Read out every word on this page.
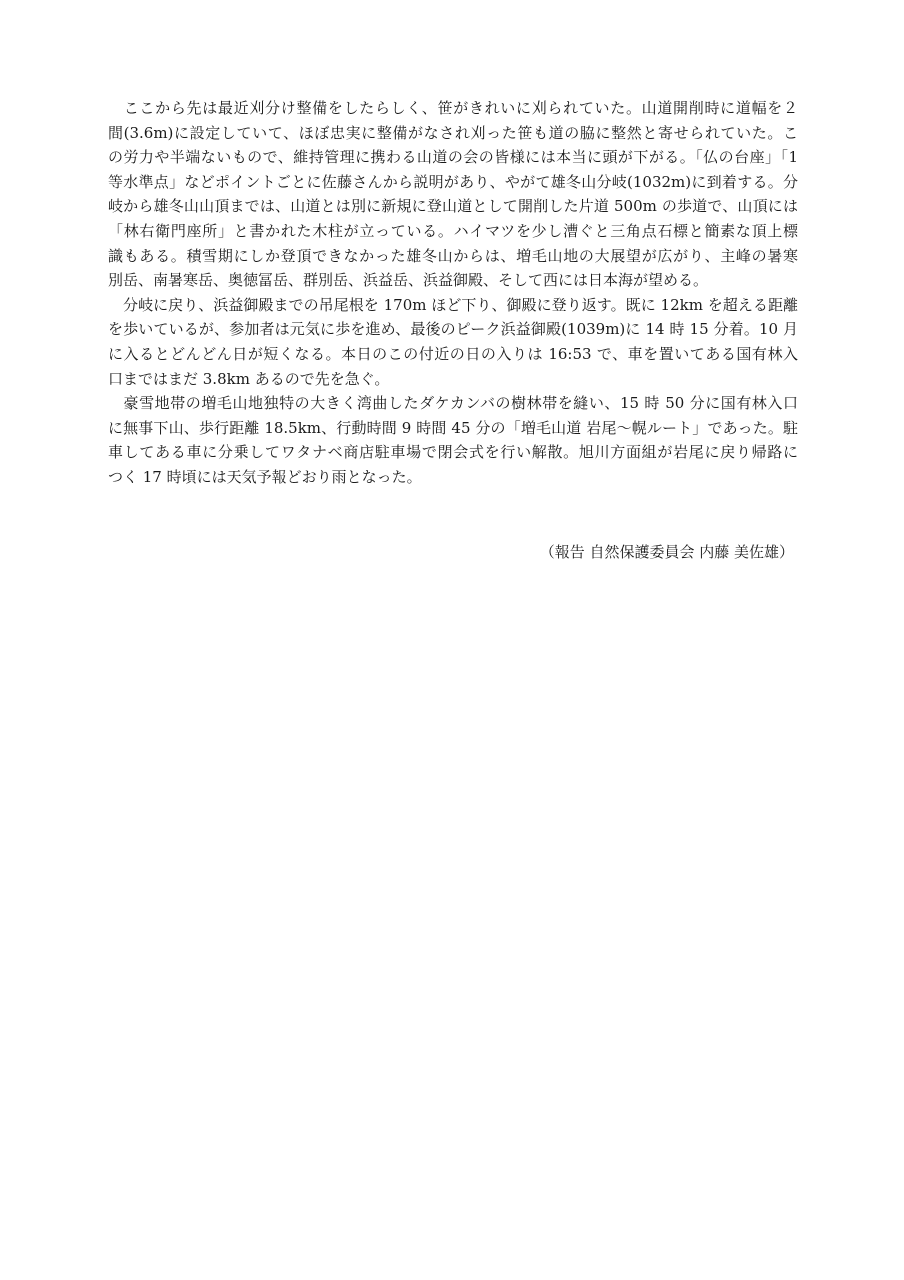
　ここから先は最近刈分け整備をしたらしく、笹がきれいに刈られていた。山道開削時に道幅を２
間(3.6m)に設定していて、ほぼ忠実に整備がなされ刈った笹も道の脇に整然と寄せられていた。こ
の労力や半端ないもので、維持管理に携わる山道の会の皆様には本当に頭が下がる。「仏の台座」「1
等水準点」などポイントごとに佐藤さんから説明があり、やがて雄冬山分岐(1032m)に到着する。分
岐から雄冬山山頂までは、山道とは別に新規に登山道として開削した片道 500m の歩道で、山頂には
「林右衛門座所」と書かれた木柱が立っている。ハイマツを少し漕ぐと三角点石標と簡素な頂上標
識もある。積雪期にしか登頂できなかった雄冬山からは、増毛山地の大展望が広がり、主峰の暑寒
別岳、南暑寒岳、奥徳冨岳、群別岳、浜益岳、浜益御殿、そして西には日本海が望める。
　分岐に戻り、浜益御殿までの吊尾根を 170m ほど下り、御殿に登り返す。既に 12km を超える距離
を歩いているが、参加者は元気に歩を進め、最後のピーク浜益御殿(1039m)に 14 時 15 分着。10 月
に入るとどんどん日が短くなる。本日のこの付近の日の入りは 16:53 で、車を置いてある国有林入
口まではまだ 3.8km あるので先を急ぐ。
　豪雪地帯の増毛山地独特の大きく湾曲したダケカンバの樹林帯を縫い、15 時 50 分に国有林入口
に無事下山、歩行距離 18.5km、行動時間 9 時間 45 分の「増毛山道 岩尾〜幌ルート」であった。駐
車してある車に分乗してワタナベ商店駐車場で閉会式を行い解散。旭川方面組が岩尾に戻り帰路に
つく 17 時頃には天気予報どおり雨となった。
（報告 自然保護委員会 内藤 美佐雄）
